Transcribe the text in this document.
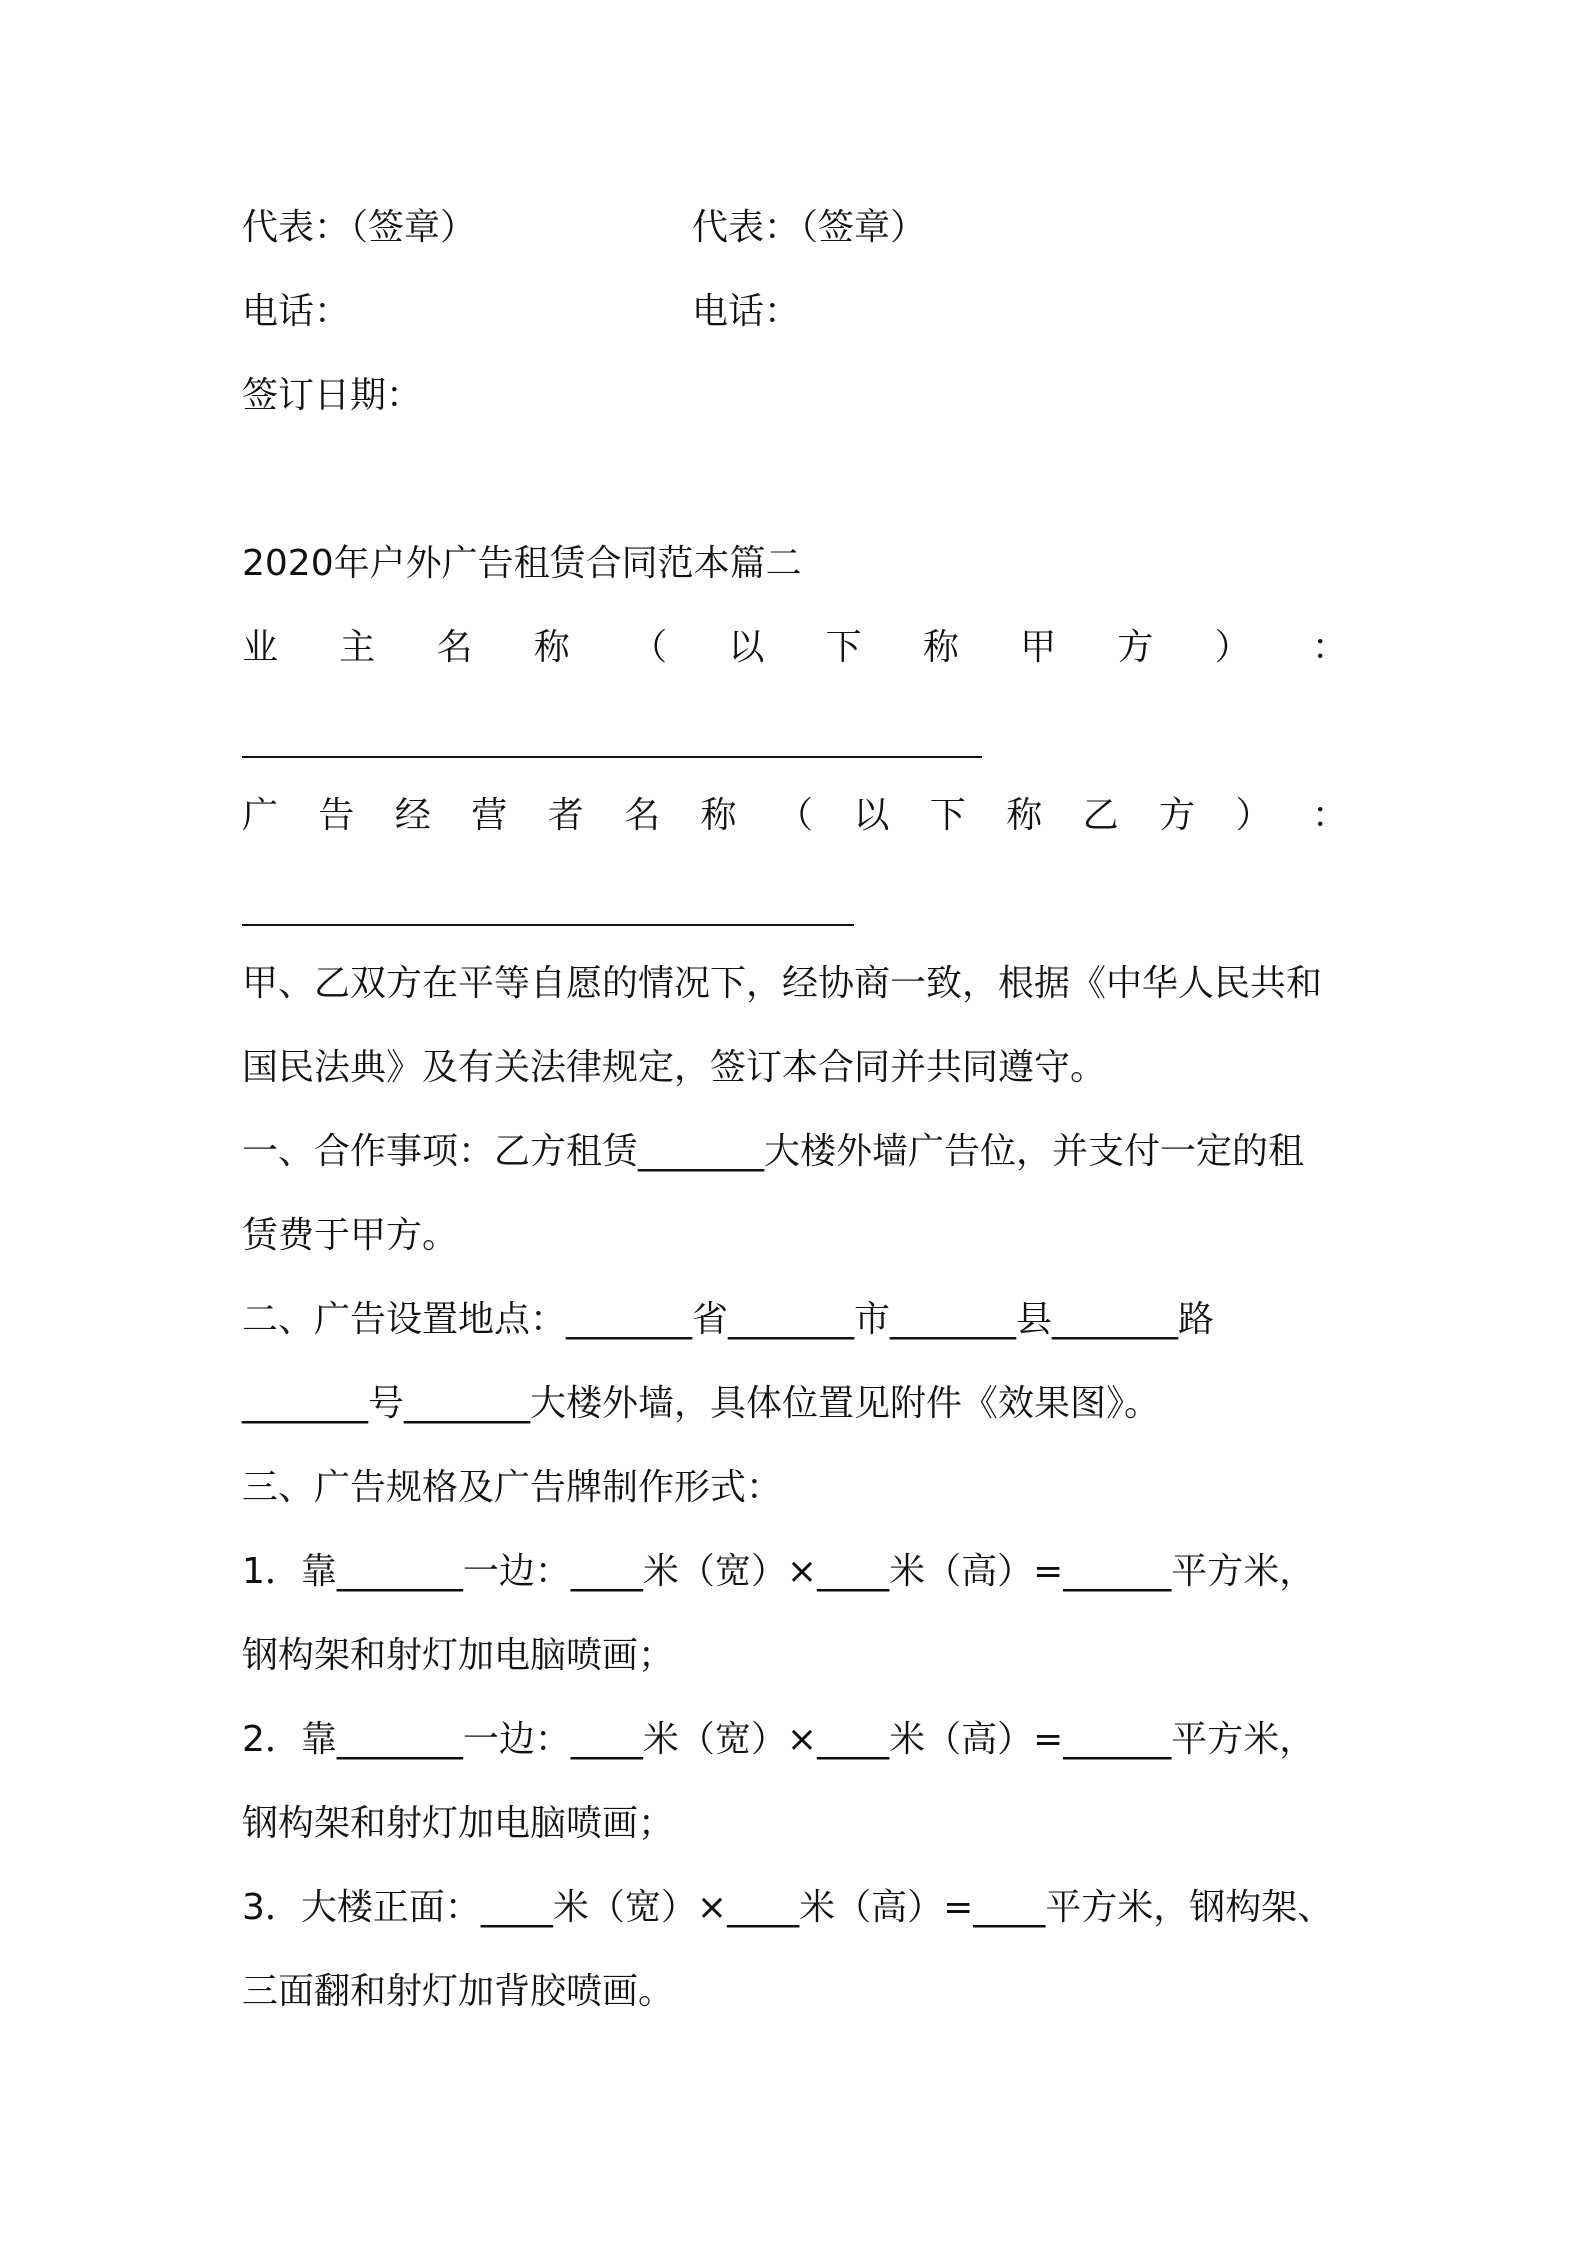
代表：（签章）	代表：（签章）
电话：	电话：
签订日期：
2020年户外广告租赁合同范本篇二
业 主 名 称 （ 以 下 称 甲 方 ） ：
广 告 经 营 者 名 称 （ 以 下 称 乙 方 ） ：
甲、乙双方在平等自愿的情况下，经协商一致，根据《中华人民共和
国民法典》及有关法律规定，签订本合同并共同遵守。
一、合作事项：乙方租赁_______大楼外墙广告位，并支付一定的租
赁费于甲方。
二、广告设置地点：_______省_______市_______县_______路
_______号_______大楼外墙，具体位置见附件《效果图》。
三、广告规格及广告牌制作形式：
1．靠_______一边：____米（宽）×____米（高）=______平方米，
钢构架和射灯加电脑喷画；
2．靠_______一边：____米（宽）×____米（高）=______平方米，
钢构架和射灯加电脑喷画；
3．大楼正面：____米（宽）×____米（高）=____平方米，钢构架、
三面翻和射灯加背胶喷画。
